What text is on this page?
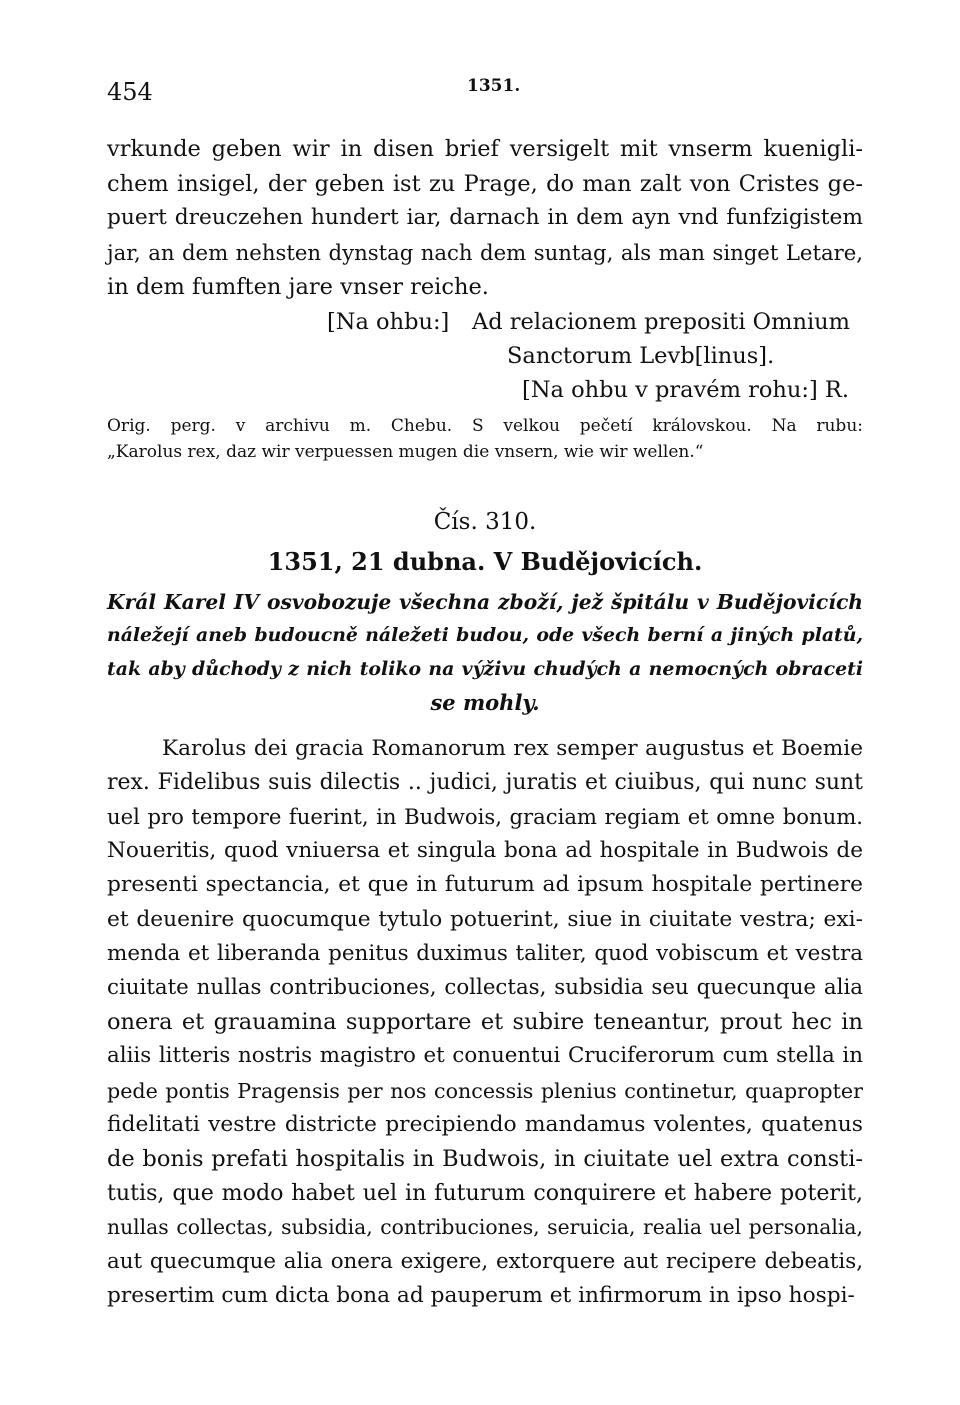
454	1351.
vrkunde geben wir in disen brief versigelt mit vnserm kuenigli-
chem insigel, der geben ist zu Prage, do man zalt von Cristes ge-
puert dreuczehen hundert iar, darnach in dem ayn vnd funfzigistem
jar, an dem nehsten dynstag nach dem suntag, als man singet Letare,
in dem fumften jare vnser reiche.
[Na ohbu:] Ad relacionem prepositi Omnium
Sanctorum Levb[linus].
[Na ohbu v pravém rohu:] R.
Orig. perg. v archivu m. Chebu. S velkou pečetí královskou. Na rubu:
„Karolus rex, daz wir verpuessen mugen die vnsern, wie wir wellen.“
Čís. 310.
1351, 21 dubna. V Budějovicích.
Král Karel IV osvobozuje všechna zboží, jež špitálu v Budějovicích
náležejí aneb budoucně náležeti budou, ode všech berní a jiných platů,
tak aby důchody z nich toliko na výživu chudých a nemocných obraceti
se mohly.
Karolus dei gracia Romanorum rex semper augustus et Boemie
rex. Fidelibus suis dilectis .. judici, juratis et ciuibus, qui nunc sunt
uel pro tempore fuerint, in Budwois, graciam regiam et omne bonum.
Noueritis, quod vniuersa et singula bona ad hospitale in Budwois de
presenti spectancia, et que in futurum ad ipsum hospitale pertinere
et deuenire quocumque tytulo potuerint, siue in ciuitate vestra; exi-
menda et liberanda penitus duximus taliter, quod vobiscum et vestra
ciuitate nullas contribuciones, collectas, subsidia seu quecunque alia
onera et grauamina supportare et subire teneantur, prout hec in
aliis litteris nostris magistro et conuentui Cruciferorum cum stella in
pede pontis Pragensis per nos concessis plenius continetur, quapropter
fidelitati vestre districte precipiendo mandamus volentes, quatenus
de bonis prefati hospitalis in Budwois, in ciuitate uel extra consti-
tutis, que modo habet uel in futurum conquirere et habere poterit,
nullas collectas, subsidia, contribuciones, seruicia, realia uel personalia,
aut quecumque alia onera exigere, extorquere aut recipere debeatis,
presertim cum dicta bona ad pauperum et infirmorum in ipso hospi-
